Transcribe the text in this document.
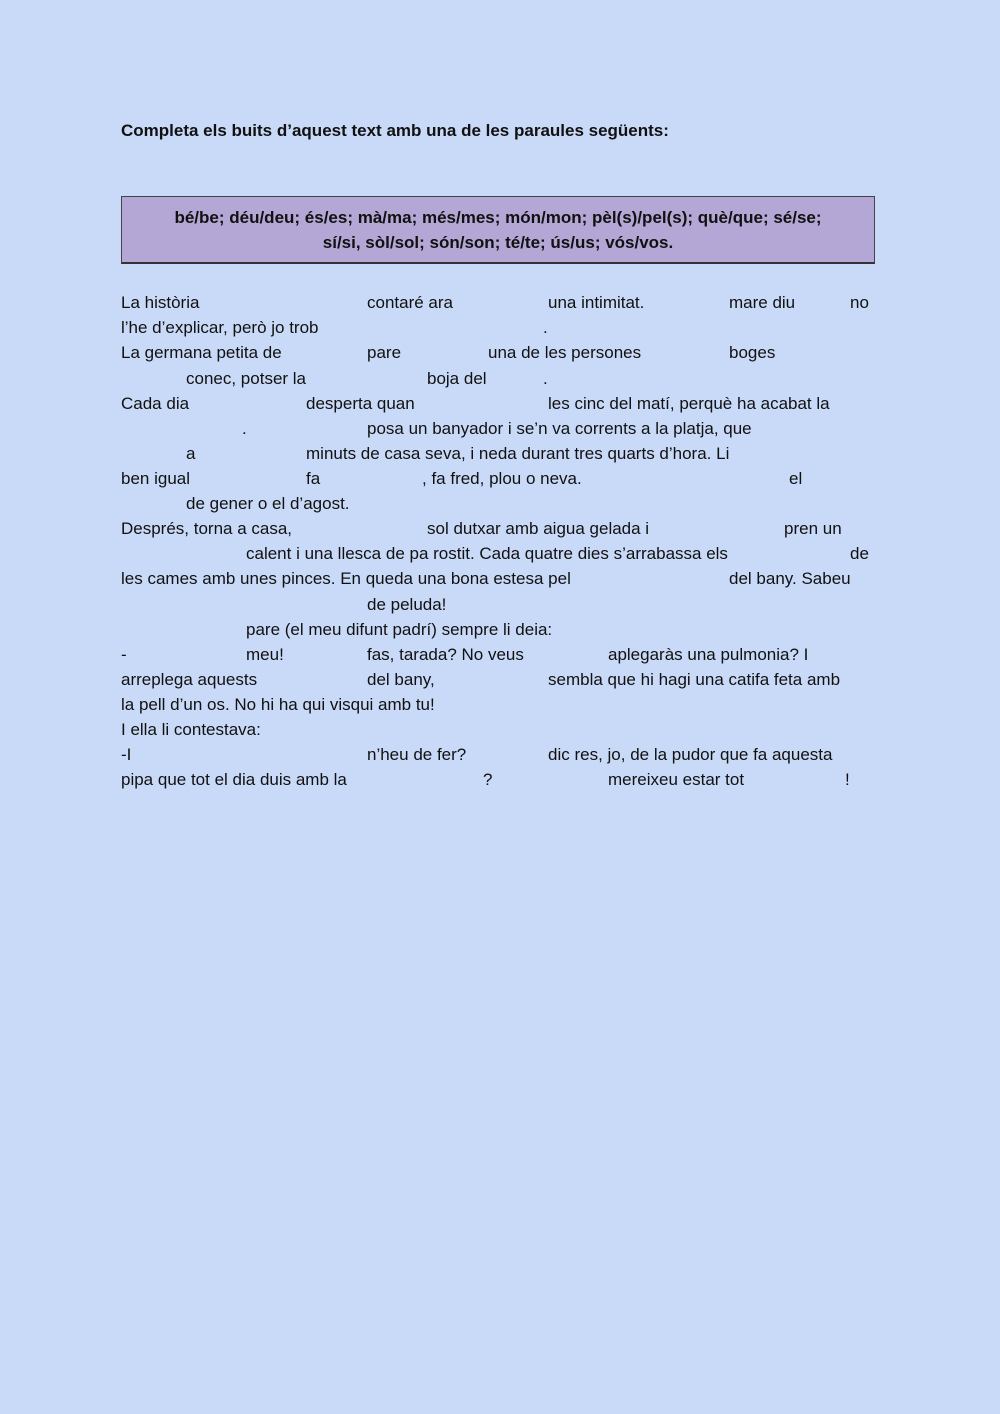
Completa els buits d’aquest text amb una de les paraules següents:
bé/be; déu/deu; és/es; mà/ma; més/mes; món/mon; pèl(s)/pel(s); què/que; sé/se;
sí/si, sòl/sol; són/son; té/te; ús/us; vós/vos.
La història	contaré ara	una intimitat.	mare diu	no
l’he d’explicar, però jo trob	.
La germana petita de	pare	una de les persones	boges
conec, potser la	boja del	.
Cada dia	desperta quan	les cinc del matí, perquè ha acabat la
.	posa un banyador i se’n va corrents a la platja, que
a	minuts de casa seva, i neda durant tres quarts d’hora. Li
ben igual	fa	, fa fred, plou o neva.	el
de gener o el d’agost.
Després, torna a casa,	sol dutxar amb aigua gelada i	pren un
calent i una llesca de pa rostit. Cada quatre dies s’arrabassa els	de
les cames amb unes pinces. En queda una bona estesa pel	del bany. Sabeu
de peluda!
pare (el meu difunt padrí) sempre li deia:
-	meu!	fas, tarada? No veus	aplegaràs una pulmonia? I
arreplega aquests	del bany,	sembla que hi hagi una catifa feta amb
la pell d’un os. No hi ha qui visqui amb tu!
I ella li contestava:
-I	n’heu de fer?	dic res, jo, de la pudor que fa aquesta
pipa que tot el dia duis amb la	?	mereixeu estar tot	!
